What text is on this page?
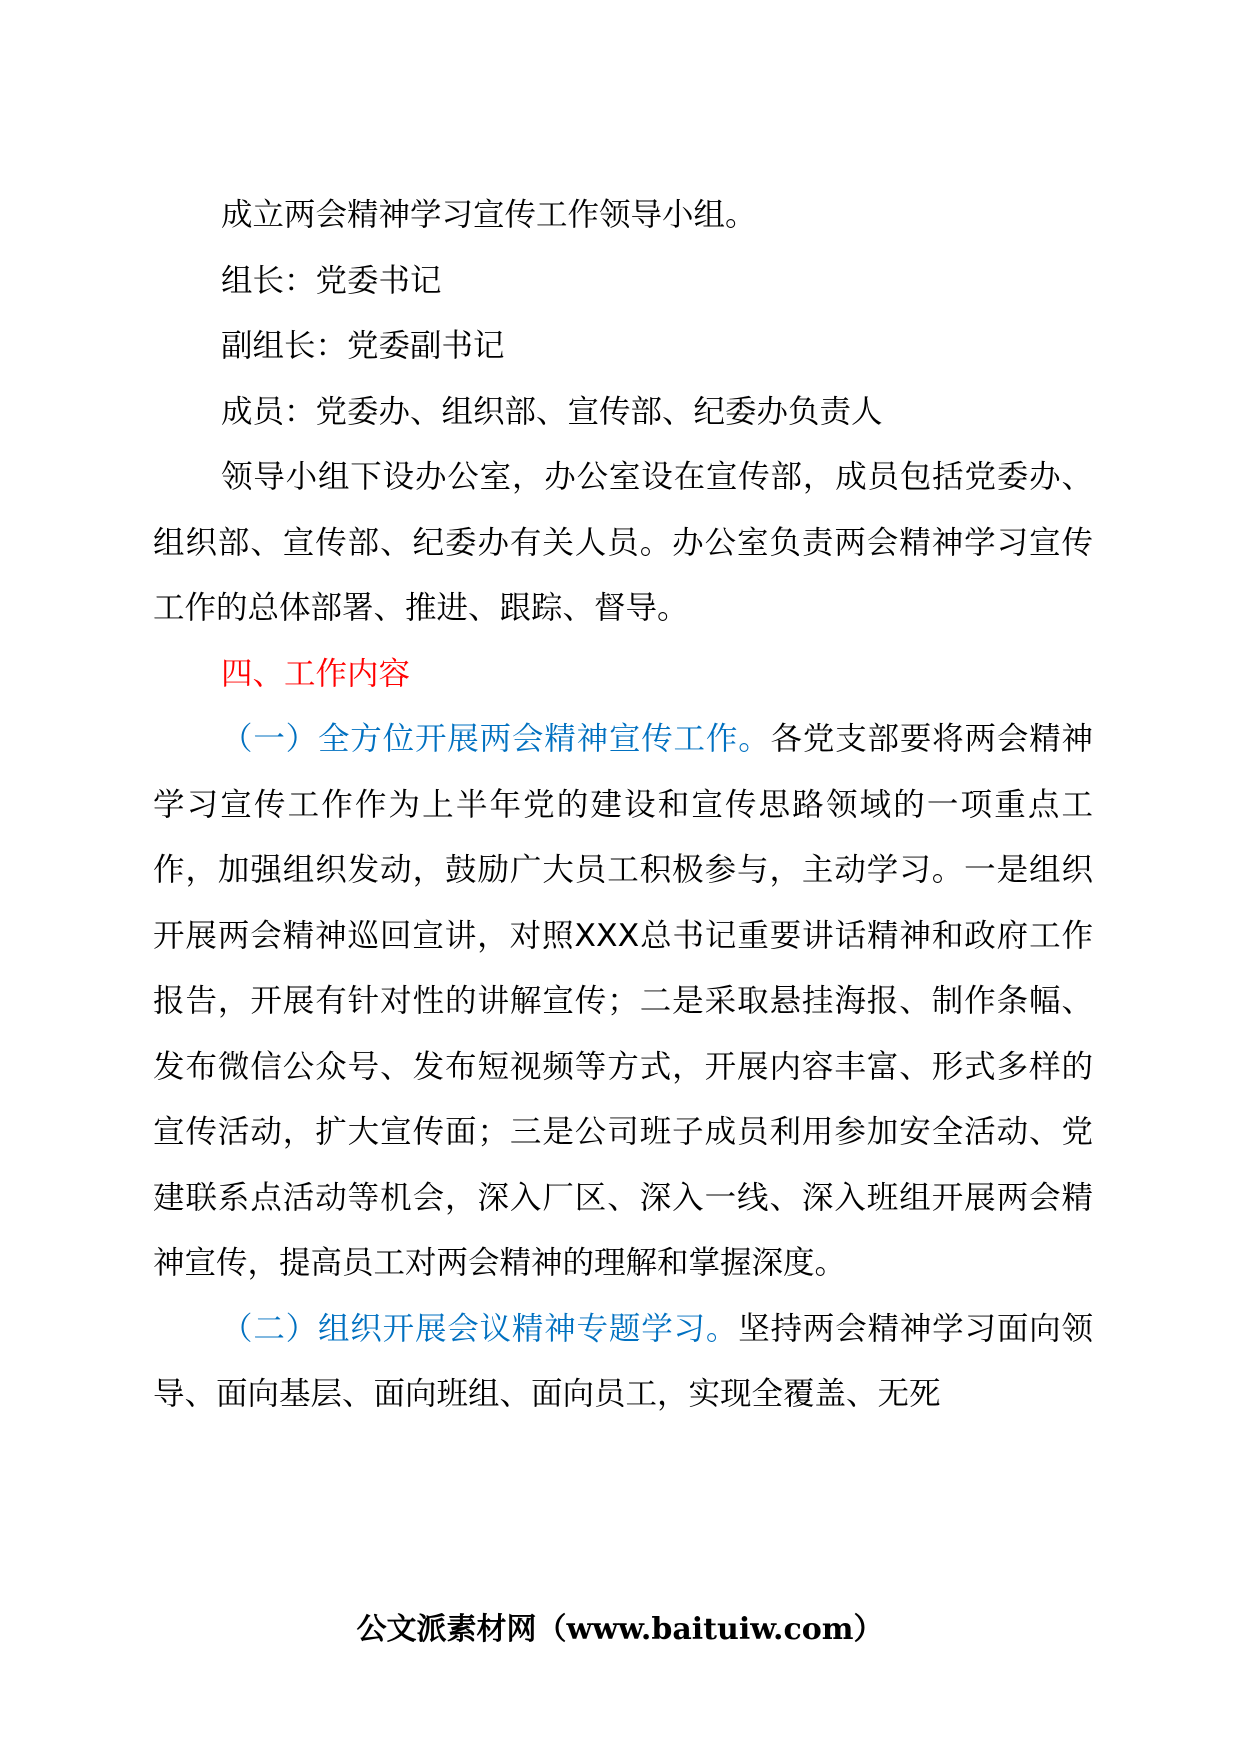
成立两会精神学习宣传工作领导小组。

组长：党委书记

副组长：党委副书记

成员：党委办、组织部、宣传部、纪委办负责人

领导小组下设办公室，办公室设在宣传部，成员包括党委办、组织部、宣传部、纪委办有关人员。办公室负责两会精神学习宣传工作的总体部署、推进、跟踪、督导。

四、工作内容

（一）全方位开展两会精神宣传工作。各党支部要将两会精神学习宣传工作作为上半年党的建设和宣传思路领域的一项重点工作，加强组织发动，鼓励广大员工积极参与，主动学习。一是组织开展两会精神巡回宣讲，对照XXX总书记重要讲话精神和政府工作报告，开展有针对性的讲解宣传；二是采取悬挂海报、制作条幅、发布微信公众号、发布短视频等方式，开展内容丰富、形式多样的宣传活动，扩大宣传面；三是公司班子成员利用参加安全活动、党建联系点活动等机会，深入厂区、深入一线、深入班组开展两会精神宣传，提高员工对两会精神的理解和掌握深度。

（二）组织开展会议精神专题学习。坚持两会精神学习面向领导、面向基层、面向班组、面向员工，实现全覆盖、无死

公文派素材网（www.baituiw.com）
